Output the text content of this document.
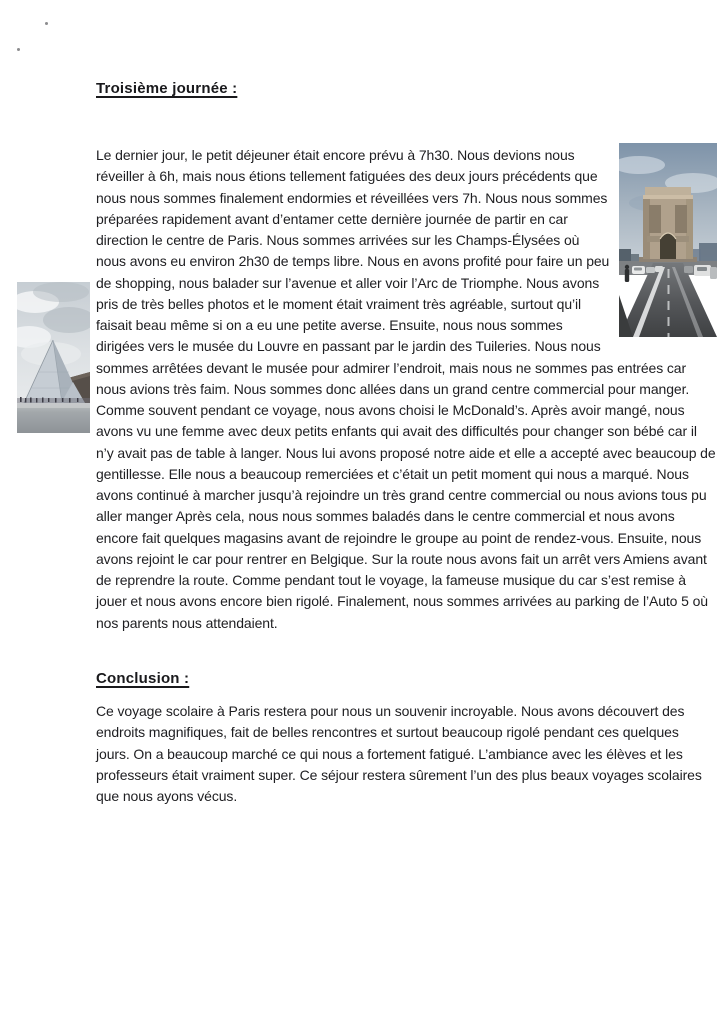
Troisième journée :
Le dernier jour, le petit déjeuner était encore prévu à 7h30. Nous devions nous réveiller à 6h, mais nous étions tellement fatiguées des deux jours précédents que nous nous sommes finalement endormies et réveillées vers 7h. Nous nous sommes préparées rapidement avant d’entamer cette dernière journée de partir en car direction le centre de Paris. Nous sommes arrivées sur les Champs-Élysées où nous avons eu environ 2h30 de temps libre. Nous en avons profité pour faire un peu de shopping, nous balader sur l’avenue et aller voir l’Arc de Triomphe. Nous avons pris de très belles photos et le moment était vraiment très agréable, surtout qu’il faisait beau même si on a eu une petite averse. Ensuite, nous nous sommes dirigées vers le musée du Louvre en passant par le jardin des Tuileries. Nous nous sommes arrêtées devant le musée pour admirer l’endroit, mais nous ne sommes pas entrées car nous avions très faim. Nous sommes donc allées dans un grand centre commercial pour manger. Comme souvent pendant ce voyage, nous avons choisi le McDonald’s. Après avoir mangé, nous avons vu une femme avec deux petits enfants qui avait des difficultés pour changer son bébé car il n’y avait pas de table à langer. Nous lui avons proposé notre aide et elle a accepté avec beaucoup de gentillesse. Elle nous a beaucoup remerciées et c’était un petit moment qui nous a marqué. Nous avons continué à marcher jusqu’à rejoindre un très grand centre commercial ou nous avions tous pu aller manger Après cela, nous nous sommes baladés dans le centre commercial et nous avons encore fait quelques magasins avant de rejoindre le groupe au point de rendez-vous. Ensuite, nous avons rejoint le car pour rentrer en Belgique. Sur la route nous avons fait un arrêt vers Amiens avant de reprendre la route. Comme pendant tout le voyage, la fameuse musique du car s’est remise à jouer et nous avons encore bien rigolé. Finalement, nous sommes arrivées au parking de l’Auto 5 où nos parents nous attendaient.
Conclusion :
Ce voyage scolaire à Paris restera pour nous un souvenir incroyable. Nous avons découvert des endroits magnifiques, fait de belles rencontres et surtout beaucoup rigolé pendant ces quelques jours. On a beaucoup marché ce qui nous a fortement fatigué. L’ambiance avec les élèves et les professeurs était vraiment super. Ce séjour restera sûrement l’un des plus beaux voyages scolaires que nous ayons vécus.
